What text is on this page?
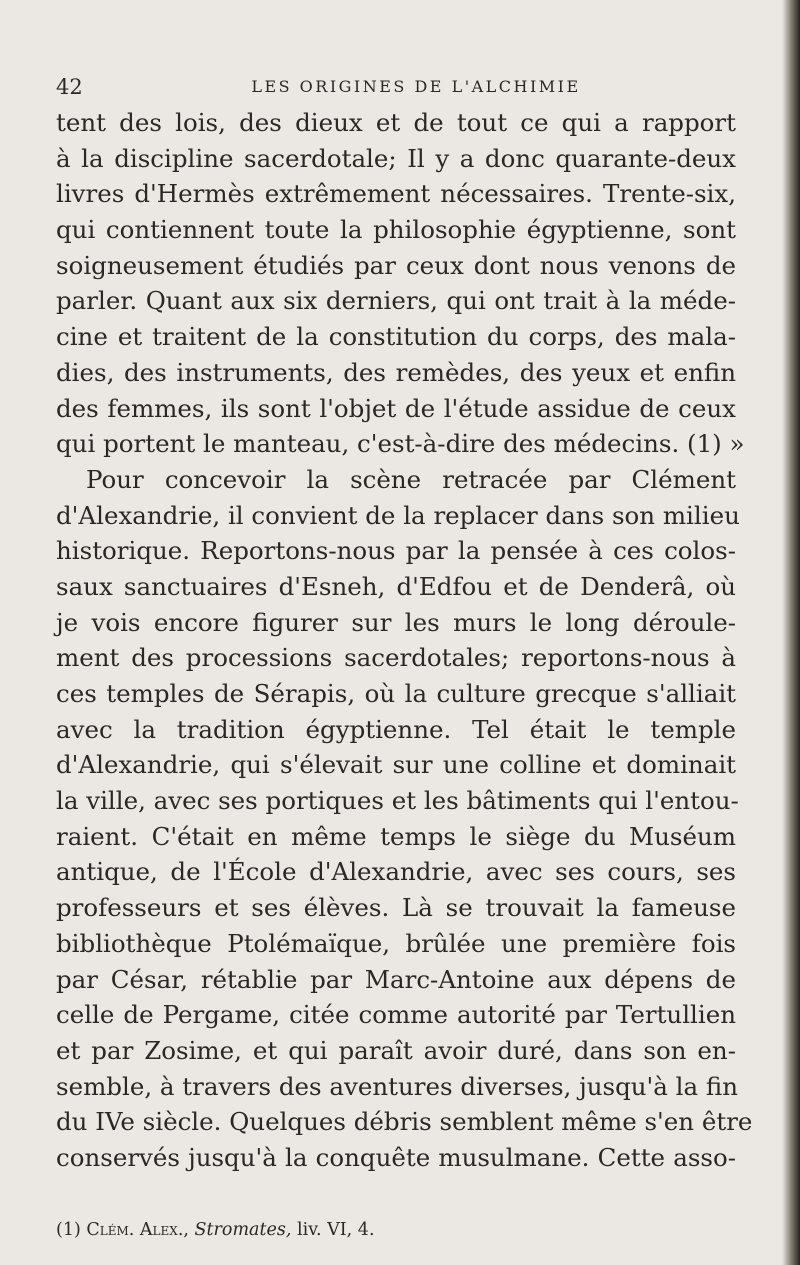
42	LES ORIGINES DE L'ALCHIMIE
tent des lois, des dieux et de tout ce qui a rapport
à la discipline sacerdotale; Il y a donc quarante-deux
livres d'Hermès extrêmement nécessaires. Trente-six,
qui contiennent toute la philosophie égyptienne, sont
soigneusement étudiés par ceux dont nous venons de
parler. Quant aux six derniers, qui ont trait à la méde-
cine et traitent de la constitution du corps, des mala-
dies, des instruments, des remèdes, des yeux et enfin
des femmes, ils sont l'objet de l'étude assidue de ceux
qui portent le manteau, c'est-à-dire des médecins. (1) »
Pour concevoir la scène retracée par Clément
d'Alexandrie, il convient de la replacer dans son milieu
historique. Reportons-nous par la pensée à ces colos-
saux sanctuaires d'Esneh, d'Edfou et de Denderâ, où
je vois encore figurer sur les murs le long déroule-
ment des processions sacerdotales; reportons-nous à
ces temples de Sérapis, où la culture grecque s'alliait
avec la tradition égyptienne. Tel était le temple
d'Alexandrie, qui s'élevait sur une colline et dominait
la ville, avec ses portiques et les bâtiments qui l'entou-
raient. C'était en même temps le siège du Muséum
antique, de l'École d'Alexandrie, avec ses cours, ses
professeurs et ses élèves. Là se trouvait la fameuse
bibliothèque Ptolémaïque, brûlée une première fois
par César, rétablie par Marc-Antoine aux dépens de
celle de Pergame, citée comme autorité par Tertullien
et par Zosime, et qui paraît avoir duré, dans son en-
semble, à travers des aventures diverses, jusqu'à la fin
du IVe siècle. Quelques débris semblent même s'en être
conservés jusqu'à la conquête musulmane. Cette asso-
(1) Clém. Alex., Stromates, liv. VI, 4.
